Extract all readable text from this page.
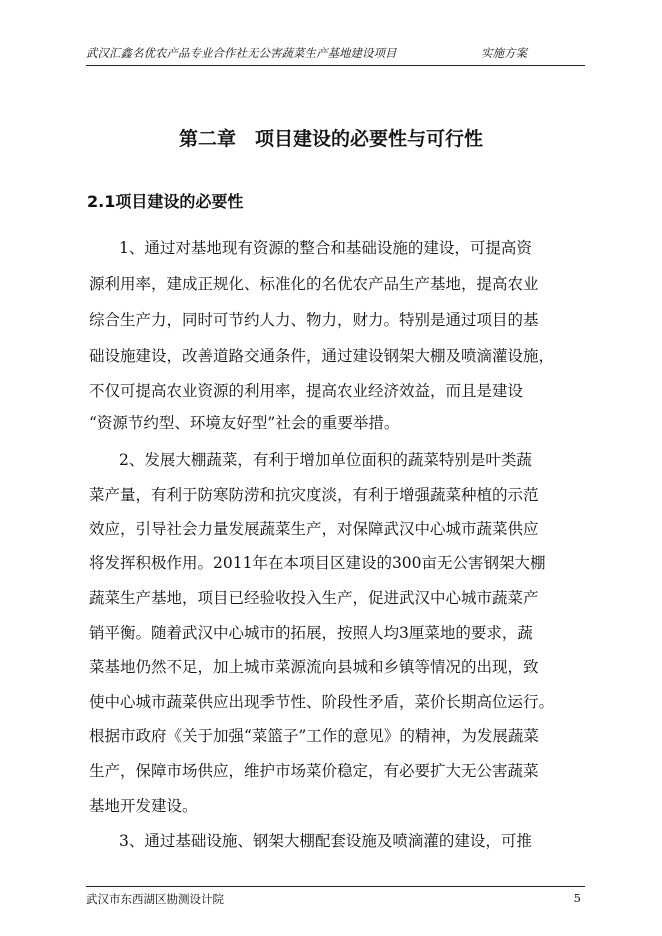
武汉汇鑫名优农产品专业合作社无公害蔬菜生产基地建设项目	实施方案
第二章　项目建设的必要性与可行性
2.1项目建设的必要性
1、通过对基地现有资源的整合和基础设施的建设，可提高资
源利用率，建成正规化、标准化的名优农产品生产基地，提高农业
综合生产力，同时可节约人力、物力，财力。特别是通过项目的基
础设施建设，改善道路交通条件，通过建设钢架大棚及喷滴灌设施，
不仅可提高农业资源的利用率，提高农业经济效益，而且是建设
“资源节约型、环境友好型”社会的重要举措。
2、发展大棚蔬菜，有利于增加单位面积的蔬菜特别是叶类蔬
菜产量，有利于防寒防涝和抗灾度淡，有利于增强蔬菜种植的示范
效应，引导社会力量发展蔬菜生产，对保障武汉中心城市蔬菜供应
将发挥积极作用。2011年在本项目区建设的300亩无公害钢架大棚
蔬菜生产基地，项目已经验收投入生产，促进武汉中心城市蔬菜产
销平衡。随着武汉中心城市的拓展，按照人均3厘菜地的要求，蔬
菜基地仍然不足，加上城市菜源流向县城和乡镇等情况的出现，致
使中心城市蔬菜供应出现季节性、阶段性矛盾，菜价长期高位运行。
根据市政府《关于加强“菜篮子”工作的意见》的精神，为发展蔬菜
生产，保障市场供应，维护市场菜价稳定，有必要扩大无公害蔬菜
基地开发建设。
3、通过基础设施、钢架大棚配套设施及喷滴灌的建设，可推
武汉市东西湖区勘测设计院	5
